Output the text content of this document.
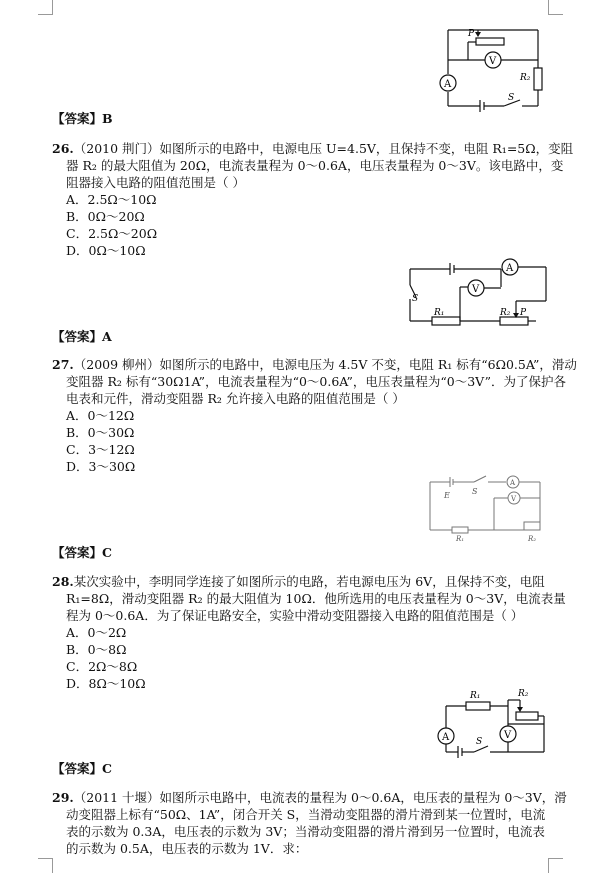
P
V
A
R₂
S
【答案】B
26.（2010 荆门）如图所示的电路中，电源电压 U=4.5V，且保持不变，电阻 R₁=5Ω，变阻
器 R₂ 的最大阻值为 20Ω，电流表量程为 0～0.6A，电压表量程为 0～3V。该电路中，变
阻器接入电路的阻值范围是（ ）
A．2.5Ω～10Ω
B．0Ω～20Ω
C．2.5Ω～20Ω
D．0Ω～10Ω
A
V
S
R₁	R₂ P
【答案】A
27.（2009 柳州）如图所示的电路中，电源电压为 4.5V 不变，电阻 R₁ 标有“6Ω0.5A”，滑动
变阻器 R₂ 标有“30Ω1A”，电流表量程为“0～0.6A”，电压表量程为“0～3V”．为了保护各
电表和元件，滑动变阻器 R₂ 允许接入电路的阻值范围是（ ）
A．0～12Ω
B．0～30Ω
C．3～12Ω
D．3～30Ω
E	S
A
V
R₁	R₂
【答案】C
28.某次实验中，李明同学连接了如图所示的电路，若电源电压为 6V，且保持不变，电阻
R₁=8Ω，滑动变阻器 R₂ 的最大阻值为 10Ω．他所选用的电压表量程为 0～3V，电流表量
程为 0～0.6A．为了保证电路安全，实验中滑动变阻器接入电路的阻值范围是（ ）
A．0～2Ω
B．0～8Ω
C．2Ω～8Ω
D．8Ω～10Ω
R₁	R₂
A	S
V
【答案】C
29.（2011 十堰）如图所示电路中，电流表的量程为 0～0.6A，电压表的量程为 0～3V，滑
动变阻器上标有“50Ω、1A”，闭合开关 S，当滑动变阻器的滑片滑到某一位置时，电流
表的示数为 0.3A，电压表的示数为 3V；当滑动变阻器的滑片滑到另一位置时，电流表
的示数为 0.5A，电压表的示数为 1V．求：
